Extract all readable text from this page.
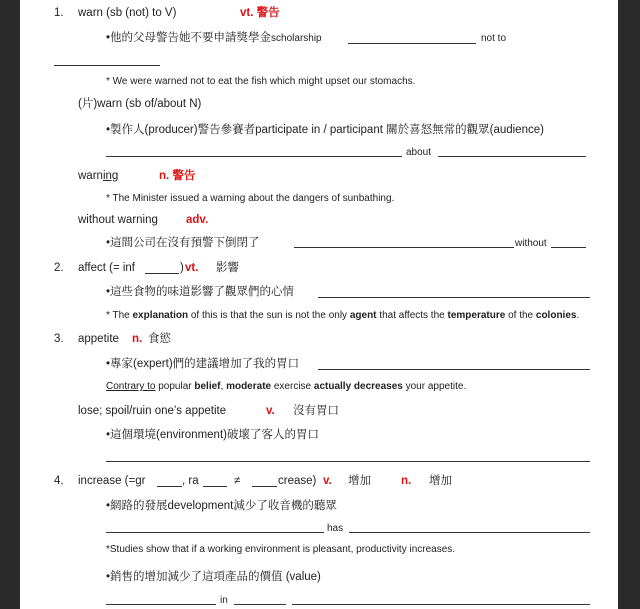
1. warn (sb (not) to V)	vt. 警告
•他的父母警告她不要申請獎學金scholarship	not to
* We were warned not to eat the fish which might upset our stomachs.
(片)warn (sb of/about N)
•製作人(producer)警告參賽者participate in / participant 關於喜怒無常的觀眾(audience)
about
warning	n. 警告
* The Minister issued a warning about the dangers of sunbathing.
without warning adv.
•這間公司在沒有預警下倒閉了	without
2. affect (= inf	) vt. 影響
•這些食物的味道影響了觀眾們的心情
* The explanation of this is that the sun is not the only agent that affects the temperature of the colonies.
3. appetite n. 食慾
•專家(expert)們的建議增加了我的胃口
Contrary to popular belief, moderate exercise actually decreases your appetite.
lose; spoil/ruin one’s appetite	v. 沒有胃口
•這個環境(environment)破壞了客人的胃口
4. increase (=gr	, ra	≠	crease) v. 增加	n. 增加
•網路的發展development減少了收音機的聽眾
has
*Studies show that if a working environment is pleasant, productivity increases.
•銷售的增加減少了這項產品的價值 (value)
in
